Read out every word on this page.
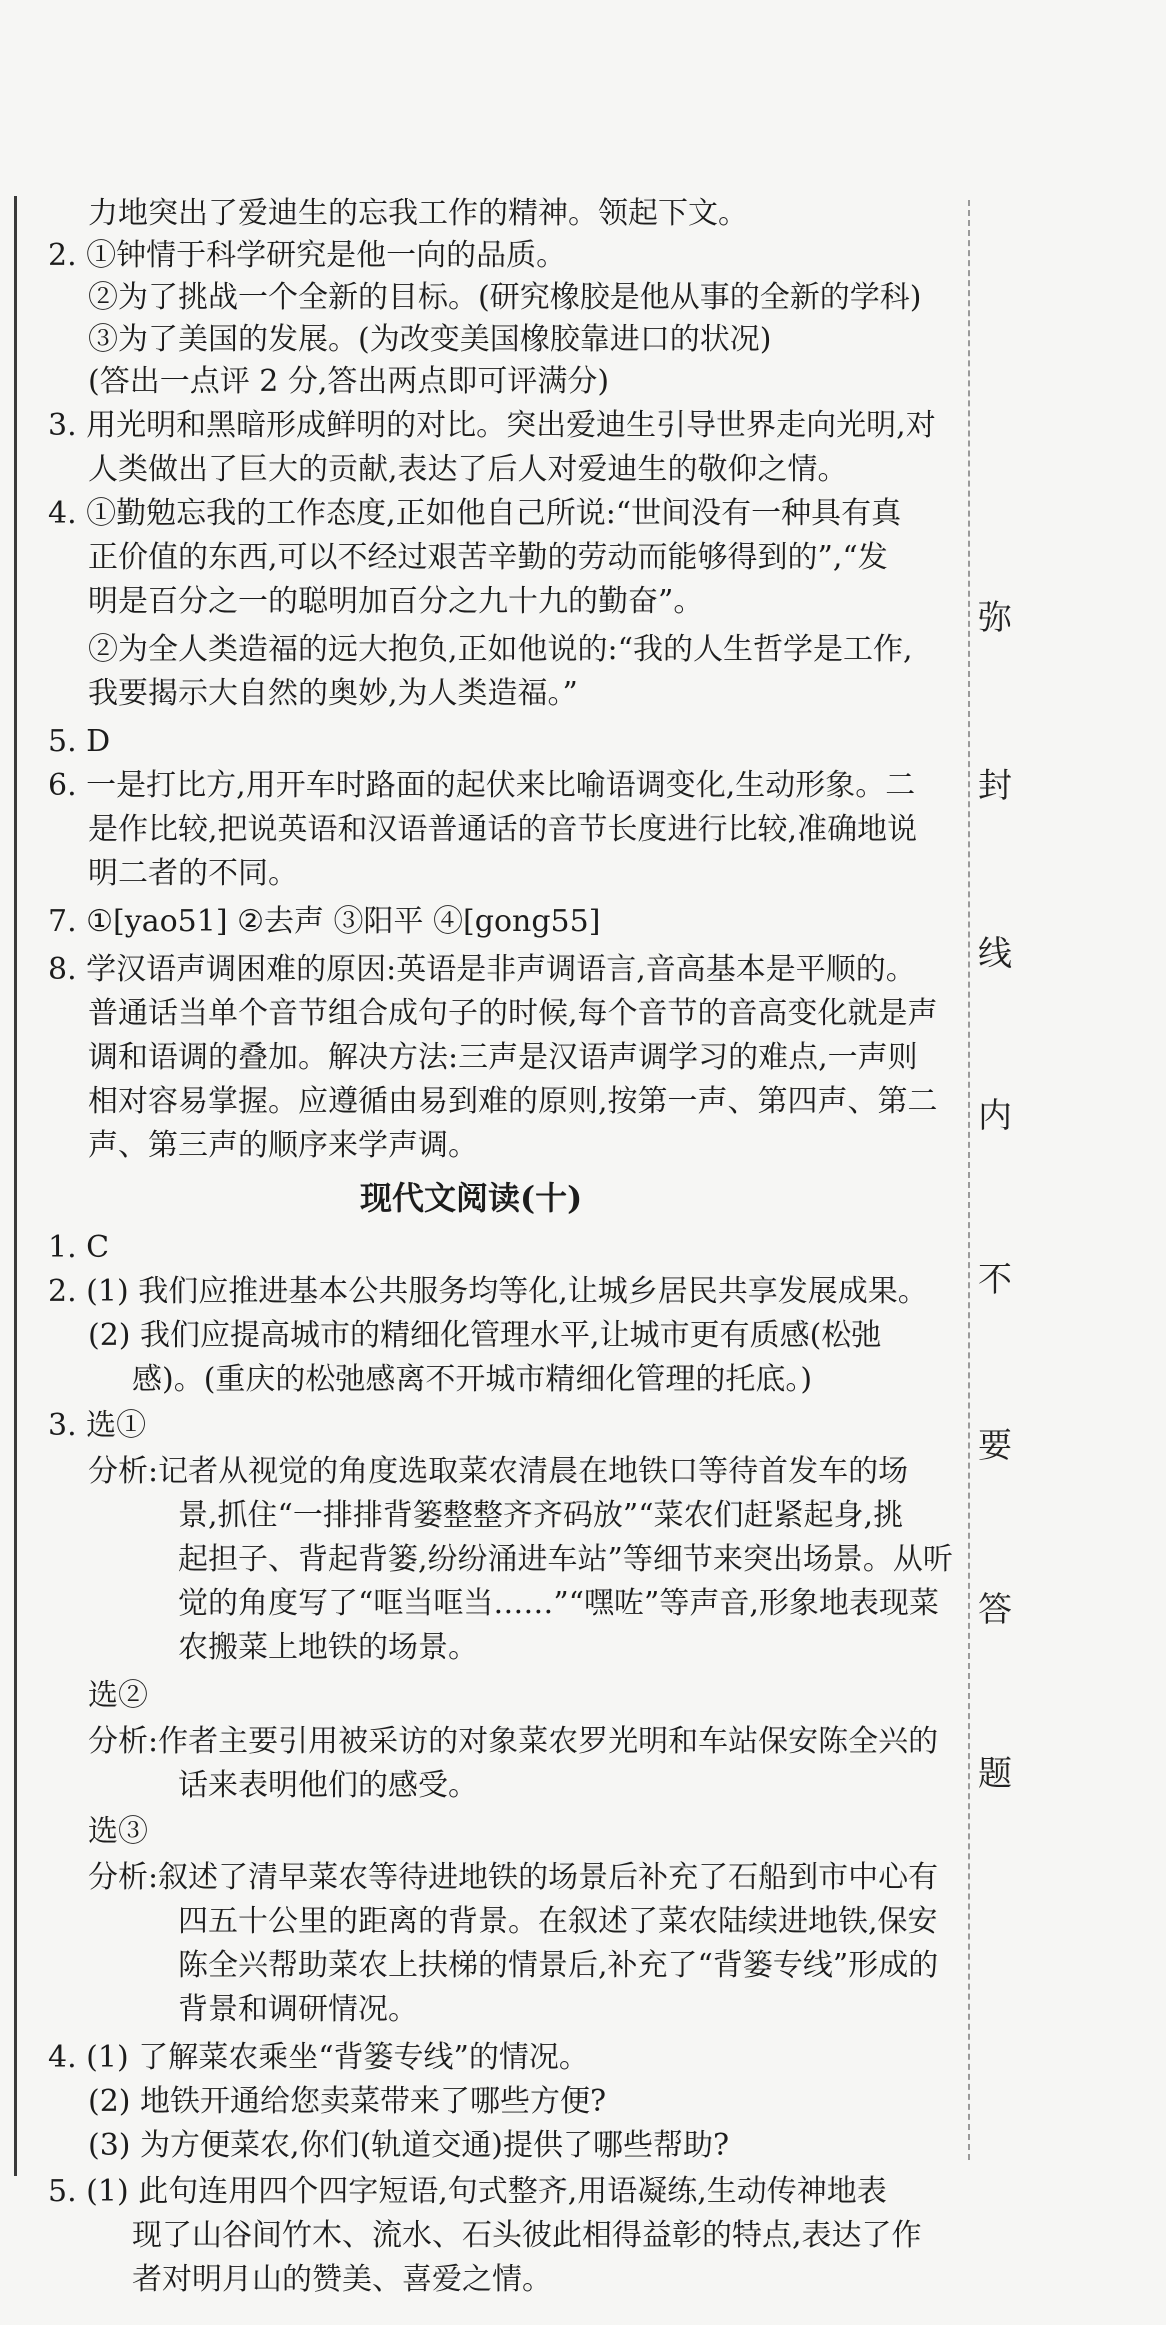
力地突出了爱迪生的忘我工作的精神。领起下文。
2. ①钟情于科学研究是他一向的品质。
②为了挑战一个全新的目标。(研究橡胶是他从事的全新的学科)
③为了美国的发展。(为改变美国橡胶靠进口的状况)
(答出一点评 2 分,答出两点即可评满分)
3. 用光明和黑暗形成鲜明的对比。突出爱迪生引导世界走向光明,对
人类做出了巨大的贡献,表达了后人对爱迪生的敬仰之情。
4. ①勤勉忘我的工作态度,正如他自己所说:“世间没有一种具有真
正价值的东西,可以不经过艰苦辛勤的劳动而能够得到的”,“发
明是百分之一的聪明加百分之九十九的勤奋”。
②为全人类造福的远大抱负,正如他说的:“我的人生哲学是工作,
我要揭示大自然的奥妙,为人类造福。”
5. D
6. 一是打比方,用开车时路面的起伏来比喻语调变化,生动形象。二
是作比较,把说英语和汉语普通话的音节长度进行比较,准确地说
明二者的不同。
7. ①[yao51] ②去声 ③阳平 ④[gong55]
8. 学汉语声调困难的原因:英语是非声调语言,音高基本是平顺的。
普通话当单个音节组合成句子的时候,每个音节的音高变化就是声
调和语调的叠加。解决方法:三声是汉语声调学习的难点,一声则
相对容易掌握。应遵循由易到难的原则,按第一声、第四声、第二
声、第三声的顺序来学声调。
现代文阅读(十)
1. C
2. (1) 我们应推进基本公共服务均等化,让城乡居民共享发展成果。
(2) 我们应提高城市的精细化管理水平,让城市更有质感(松弛
感)。(重庆的松弛感离不开城市精细化管理的托底。)
3. 选①
分析:记者从视觉的角度选取菜农清晨在地铁口等待首发车的场
景,抓住“一排排背篓整整齐齐码放”“菜农们赶紧起身,挑
起担子、背起背篓,纷纷涌进车站”等细节来突出场景。从听
觉的角度写了“哐当哐当……”“嘿咗”等声音,形象地表现菜
农搬菜上地铁的场景。
选②
分析:作者主要引用被采访的对象菜农罗光明和车站保安陈全兴的
话来表明他们的感受。
选③
分析:叙述了清早菜农等待进地铁的场景后补充了石船到市中心有
四五十公里的距离的背景。在叙述了菜农陆续进地铁,保安
陈全兴帮助菜农上扶梯的情景后,补充了“背篓专线”形成的
背景和调研情况。
4. (1) 了解菜农乘坐“背篓专线”的情况。
(2) 地铁开通给您卖菜带来了哪些方便?
(3) 为方便菜农,你们(轨道交通)提供了哪些帮助?
5. (1) 此句连用四个四字短语,句式整齐,用语凝练,生动传神地表
现了山谷间竹木、流水、石头彼此相得益彰的特点,表达了作
者对明月山的赞美、喜爱之情。
弥
封
线
内
不
要
答
题
